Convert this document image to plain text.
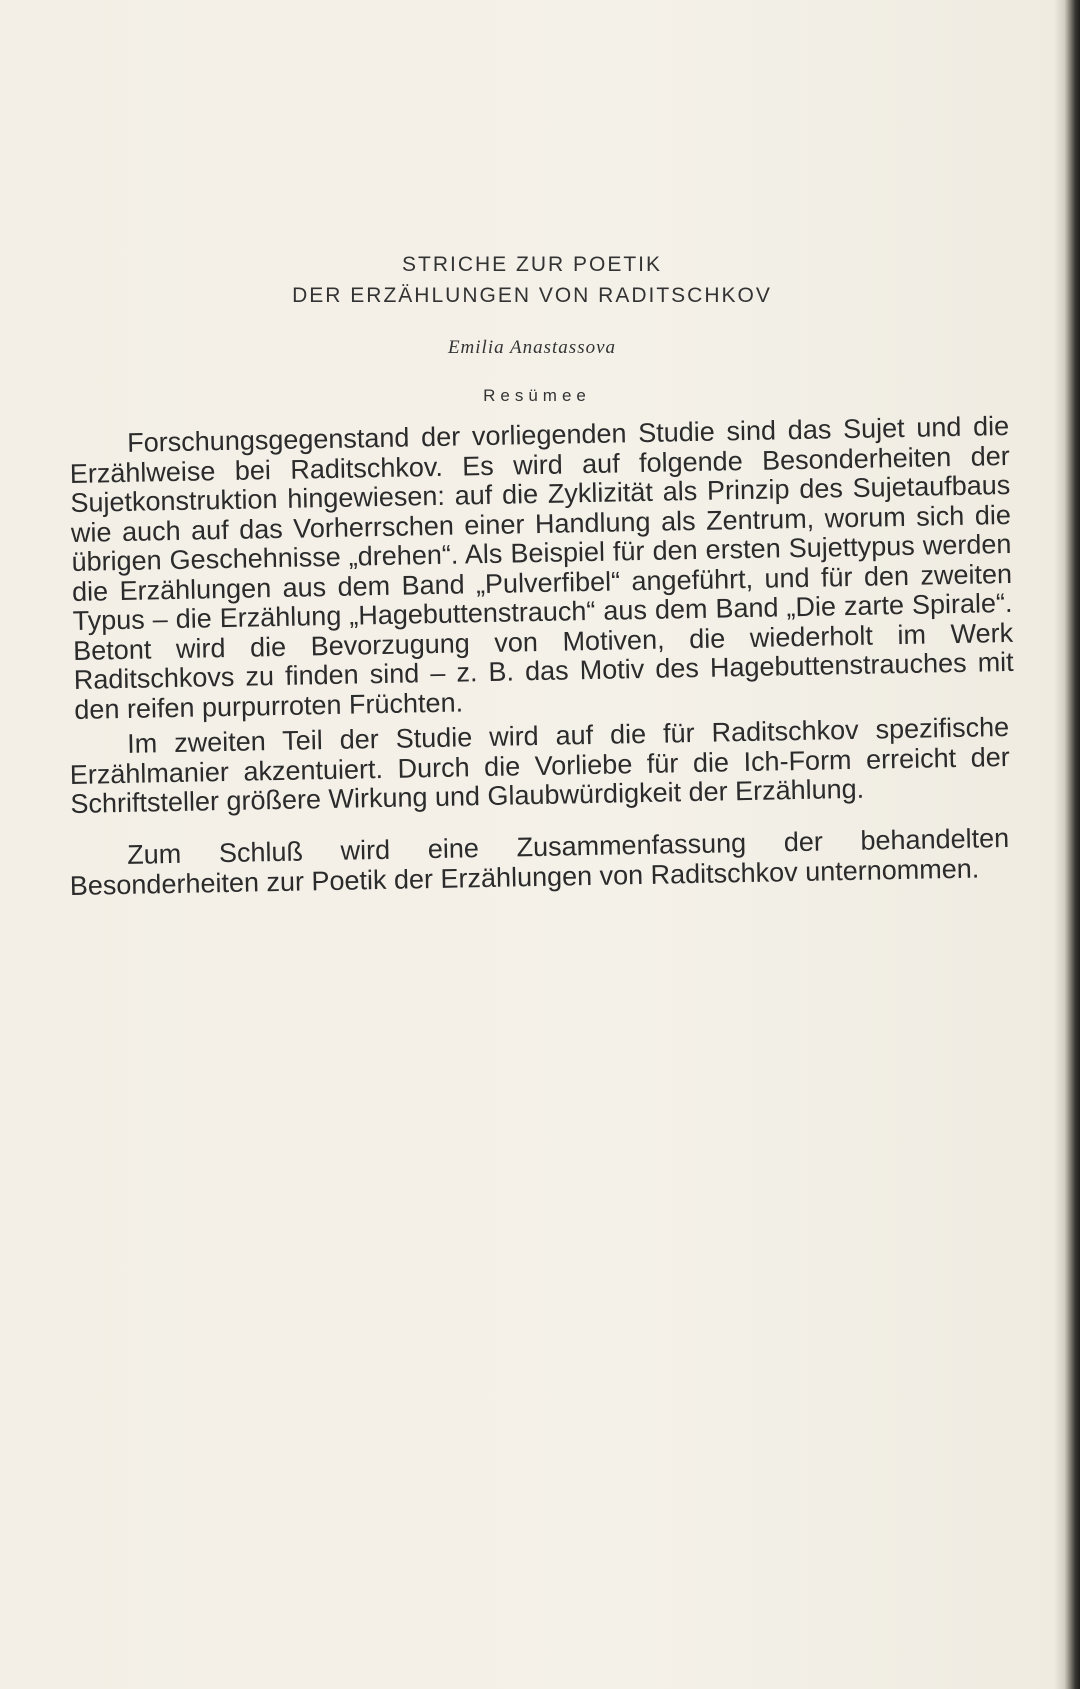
STRICHE ZUR POETIK
DER ERZÄHLUNGEN VON RADITSCHKOV
Emilia Anastassova
Resümee

Forschungsgegenstand der vorliegenden Studie sind das Sujet und die Erzählweise bei Raditschkov. Es wird auf folgende Besonderheiten der Sujetkonstruktion hingewiesen: auf die Zyklizität als Prinzip des Sujetaufbaus wie auch auf das Vorherrschen einer Handlung als Zentrum, worum sich die übrigen Geschehnisse „drehen“. Als Beispiel für den ersten Sujettypus werden die Erzählungen aus dem Band „Pulverfibel“ angeführt, und für den zweiten Typus – die Erzählung „Hagebuttenstrauch“ aus dem Band „Die zarte Spirale“. Betont wird die Bevorzugung von Motiven, die wiederholt im Werk Raditschkovs zu finden sind – z. B. das Motiv des Hagebuttenstrauches mit den reifen purpurroten Früchten.

Im zweiten Teil der Studie wird auf die für Raditschkov spezifische Erzählmanier akzentuiert. Durch die Vorliebe für die Ich-Form erreicht der Schriftsteller größere Wirkung und Glaubwürdigkeit der Erzählung.

Zum Schluß wird eine Zusammenfassung der behandelten Besonderheiten zur Poetik der Erzählungen von Raditschkov unternommen.
